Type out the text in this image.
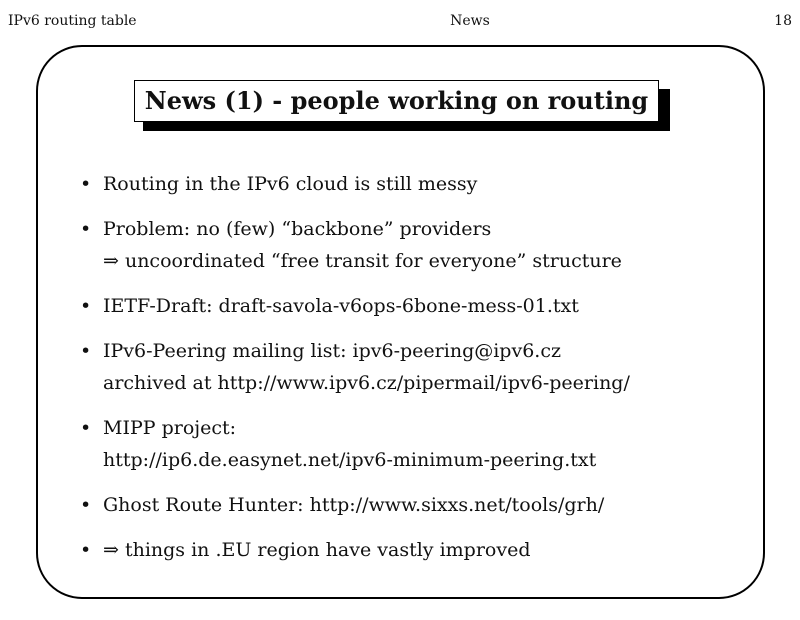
IPv6 routing table	News	18
News (1) - people working on routing
• Routing in the IPv6 cloud is still messy
• Problem: no (few) “backbone” providers
⇒ uncoordinated “free transit for everyone” structure
• IETF-Draft: draft-savola-v6ops-6bone-mess-01.txt
• IPv6-Peering mailing list: ipv6-peering@ipv6.cz
archived at http://www.ipv6.cz/pipermail/ipv6-peering/
• MIPP project:
http://ip6.de.easynet.net/ipv6-minimum-peering.txt
• Ghost Route Hunter: http://www.sixxs.net/tools/grh/
• ⇒ things in .EU region have vastly improved
